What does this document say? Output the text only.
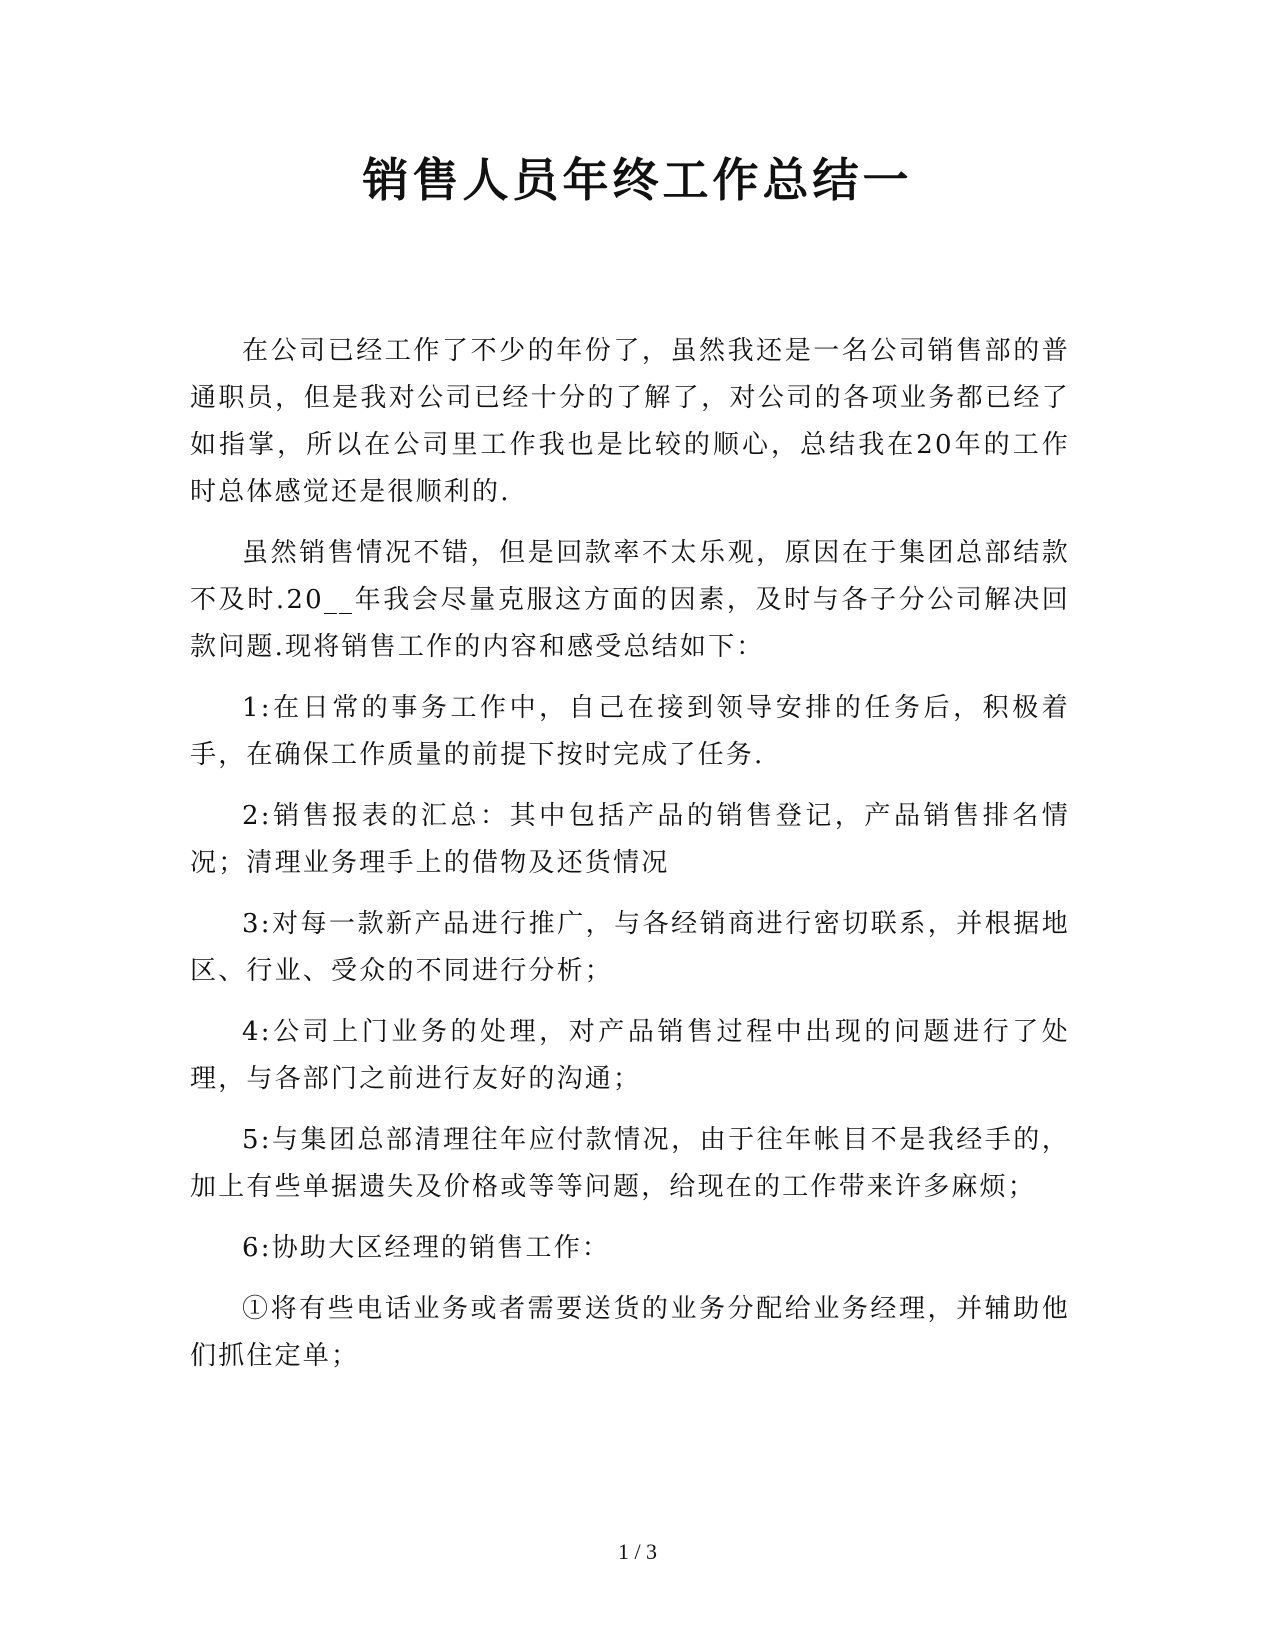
销售人员年终工作总结一

在公司已经工作了不少的年份了，虽然我还是一名公司销售部的普通职员，但是我对公司已经十分的了解了，对公司的各项业务都已经了如指掌，所以在公司里工作我也是比较的顺心，总结我在20年的工作时总体感觉还是很顺利的.

虽然销售情况不错，但是回款率不太乐观，原因在于集团总部结款不及时.20__年我会尽量克服这方面的因素，及时与各子分公司解决回款问题.现将销售工作的内容和感受总结如下：

1:在日常的事务工作中，自己在接到领导安排的任务后，积极着手，在确保工作质量的前提下按时完成了任务.

2:销售报表的汇总：其中包括产品的销售登记，产品销售排名情况；清理业务理手上的借物及还货情况

3:对每一款新产品进行推广，与各经销商进行密切联系，并根据地区、行业、受众的不同进行分析；

4:公司上门业务的处理，对产品销售过程中出现的问题进行了处理，与各部门之前进行友好的沟通；

5:与集团总部清理往年应付款情况，由于往年帐目不是我经手的，加上有些单据遗失及价格或等等问题，给现在的工作带来许多麻烦；

6:协助大区经理的销售工作：

①将有些电话业务或者需要送货的业务分配给业务经理，并辅助他们抓住定单；

1 / 3
